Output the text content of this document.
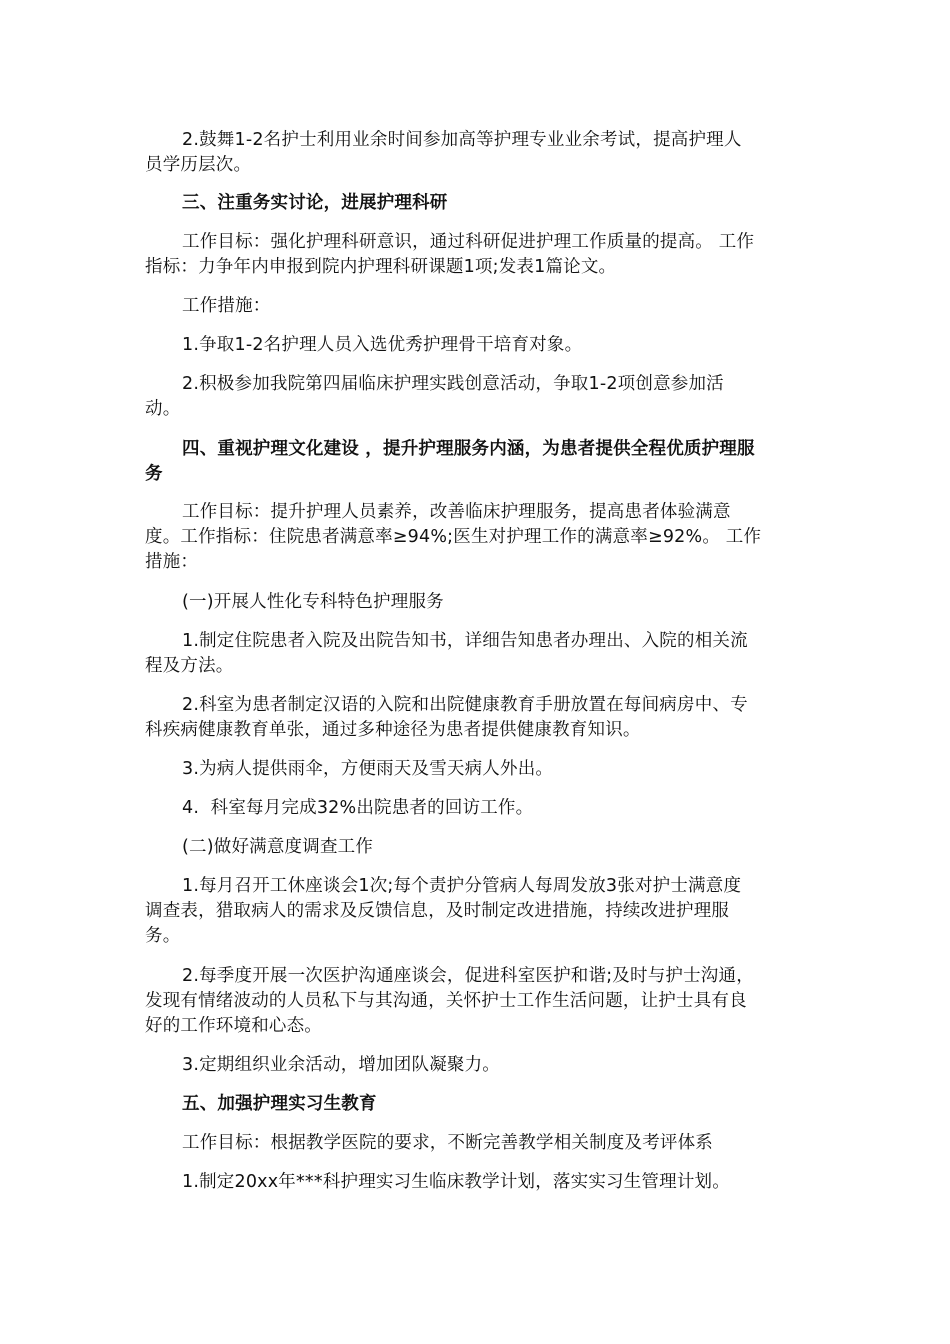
2.鼓舞1-2名护士利用业余时间参加高等护理专业业余考试，提高护理人
员学历层次。

三、注重务实讨论，进展护理科研

工作目标：强化护理科研意识，通过科研促进护理工作质量的提高。 工作
指标：力争年内申报到院内护理科研课题1项;发表1篇论文。

工作措施：

1.争取1-2名护理人员入选优秀护理骨干培育对象。

2.积极参加我院第四届临床护理实践创意活动，争取1-2项创意参加活
动。

四、重视护理文化建设 ，提升护理服务内涵，为患者提供全程优质护理服
务

工作目标：提升护理人员素养，改善临床护理服务，提高患者体验满意
度。工作指标：住院患者满意率≥94%;医生对护理工作的满意率≥92%。 工作
措施：

(一)开展人性化专科特色护理服务

1.制定住院患者入院及出院告知书，详细告知患者办理出、入院的相关流
程及方法。

2.科室为患者制定汉语的入院和出院健康教育手册放置在每间病房中、专
科疾病健康教育单张，通过多种途径为患者提供健康教育知识。

3.为病人提供雨伞，方便雨天及雪天病人外出。

4.  科室每月完成32%出院患者的回访工作。

(二)做好满意度调查工作

1.每月召开工休座谈会1次;每个责护分管病人每周发放3张对护士满意度
调查表，猎取病人的需求及反馈信息，及时制定改进措施，持续改进护理服
务。

2.每季度开展一次医护沟通座谈会，促进科室医护和谐;及时与护士沟通，
发现有情绪波动的人员私下与其沟通，关怀护士工作生活问题，让护士具有良
好的工作环境和心态。

3.定期组织业余活动，增加团队凝聚力。

五、加强护理实习生教育

工作目标：根据教学医院的要求，不断完善教学相关制度及考评体系

1.制定20xx年***科护理实习生临床教学计划，落实实习生管理计划。
